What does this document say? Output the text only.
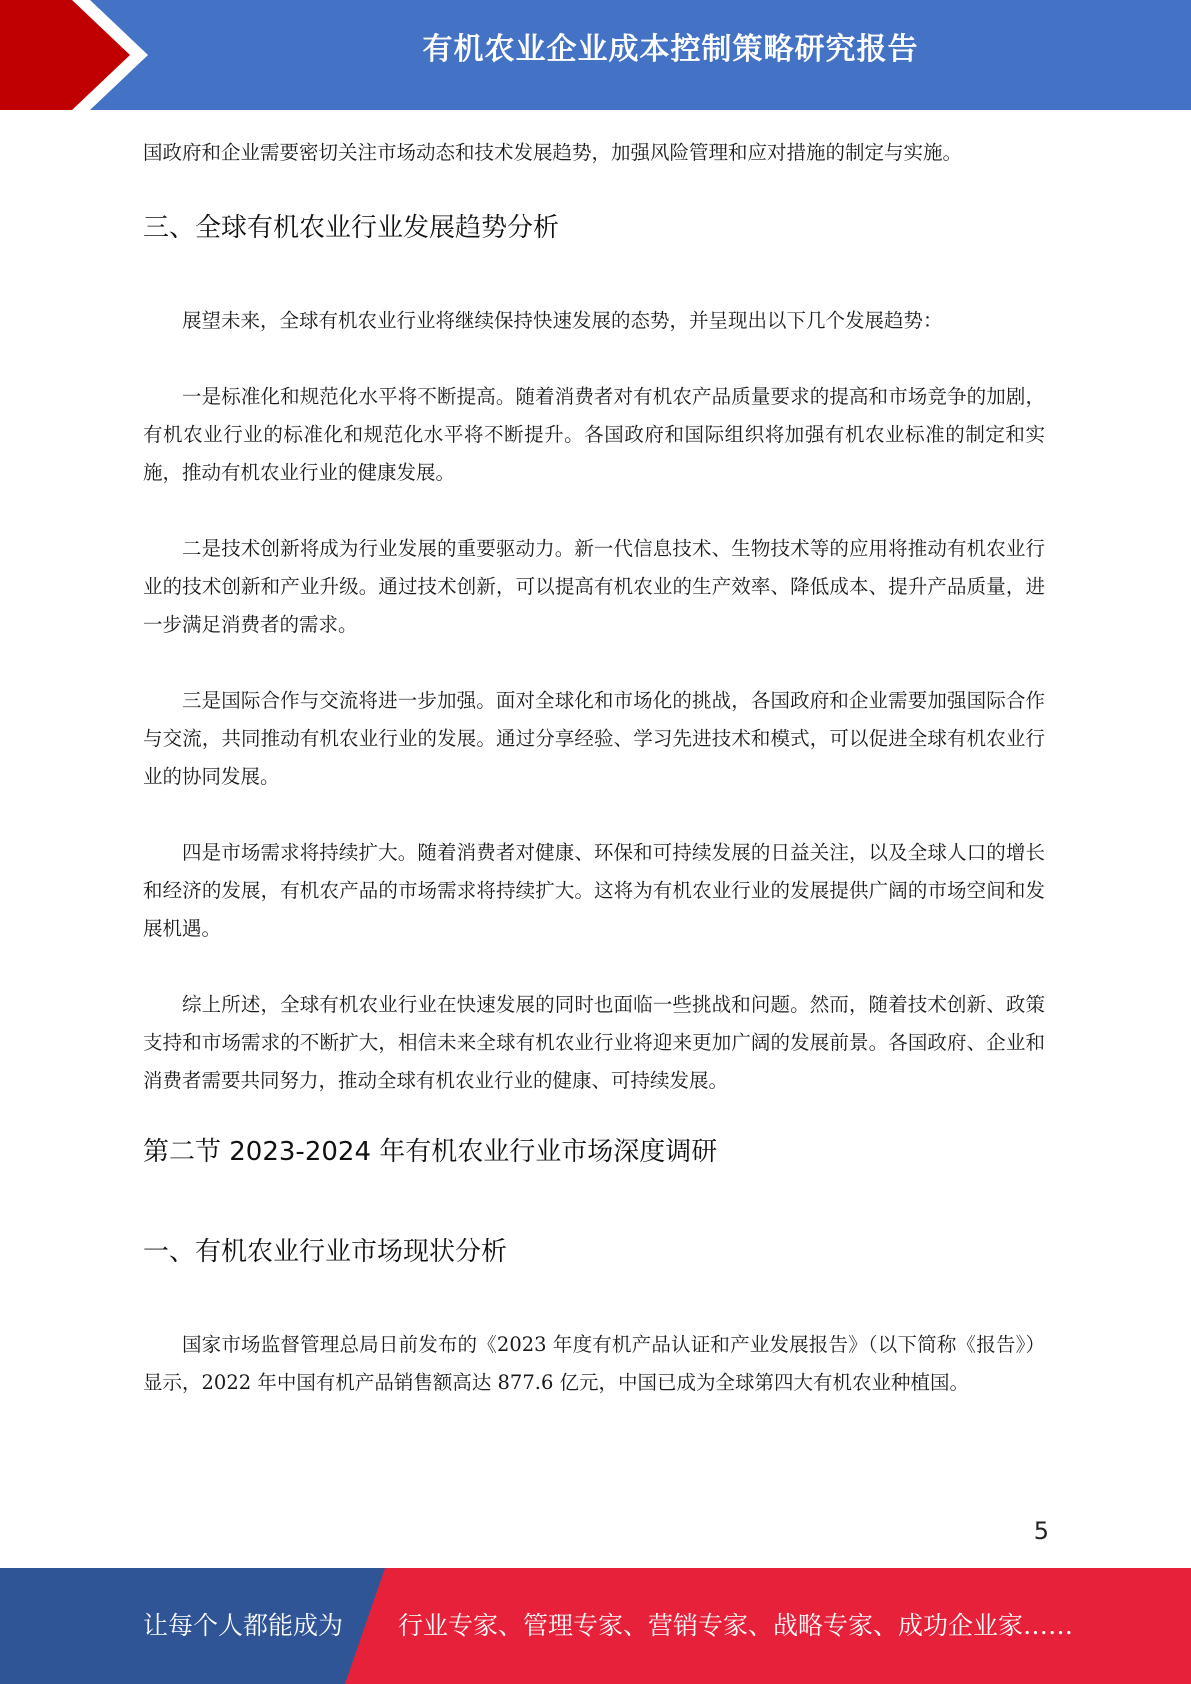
有机农业企业成本控制策略研究报告

国政府和企业需要密切关注市场动态和技术发展趋势，加强风险管理和应对措施的制定与实施。

三、全球有机农业行业发展趋势分析

展望未来，全球有机农业行业将继续保持快速发展的态势，并呈现出以下几个发展趋势：

一是标准化和规范化水平将不断提高。随着消费者对有机农产品质量要求的提高和市场竞争的加剧，有机农业行业的标准化和规范化水平将不断提升。各国政府和国际组织将加强有机农业标准的制定和实施，推动有机农业行业的健康发展。

二是技术创新将成为行业发展的重要驱动力。新一代信息技术、生物技术等的应用将推动有机农业行业的技术创新和产业升级。通过技术创新，可以提高有机农业的生产效率、降低成本、提升产品质量，进一步满足消费者的需求。

三是国际合作与交流将进一步加强。面对全球化和市场化的挑战，各国政府和企业需要加强国际合作与交流，共同推动有机农业行业的发展。通过分享经验、学习先进技术和模式，可以促进全球有机农业行业的协同发展。

四是市场需求将持续扩大。随着消费者对健康、环保和可持续发展的日益关注，以及全球人口的增长和经济的发展，有机农产品的市场需求将持续扩大。这将为有机农业行业的发展提供广阔的市场空间和发展机遇。

综上所述，全球有机农业行业在快速发展的同时也面临一些挑战和问题。然而，随着技术创新、政策支持和市场需求的不断扩大，相信未来全球有机农业行业将迎来更加广阔的发展前景。各国政府、企业和消费者需要共同努力，推动全球有机农业行业的健康、可持续发展。

第二节 2023-2024 年有机农业行业市场深度调研
一、有机农业行业市场现状分析

国家市场监督管理总局日前发布的《2023 年度有机产品认证和产业发展报告》（以下简称《报告》）显示，2022 年中国有机产品销售额高达 877.6 亿元，中国已成为全球第四大有机农业种植国。

5
让每个人都能成为 行业专家、管理专家、营销专家、战略专家、成功企业家……
